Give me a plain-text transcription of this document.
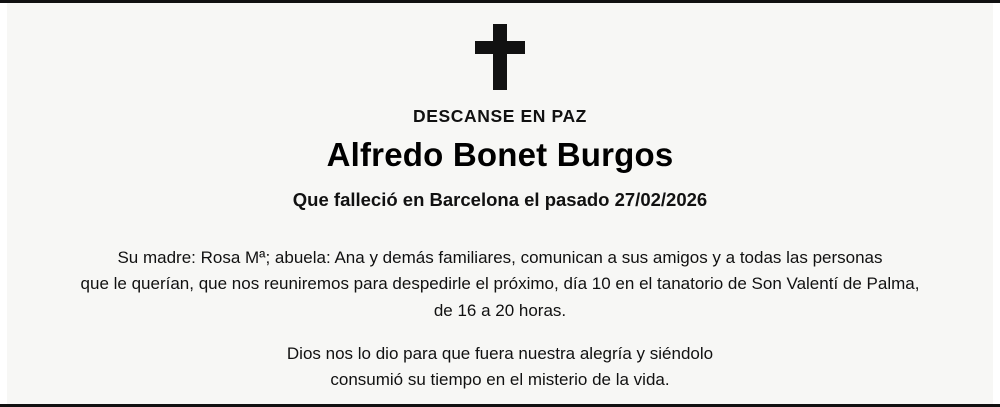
DESCANSE EN PAZ
Alfredo Bonet Burgos
Que falleció en Barcelona el pasado 27/02/2026
Su madre: Rosa Mª; abuela: Ana y demás familiares, comunican a sus amigos y a todas las personas
que le querían, que nos reuniremos para despedirle el próximo, día 10 en el tanatorio de Son Valentí de Palma,
de 16 a 20 horas.
Dios nos lo dio para que fuera nuestra alegría y siéndolo
consumió su tiempo en el misterio de la vida.
